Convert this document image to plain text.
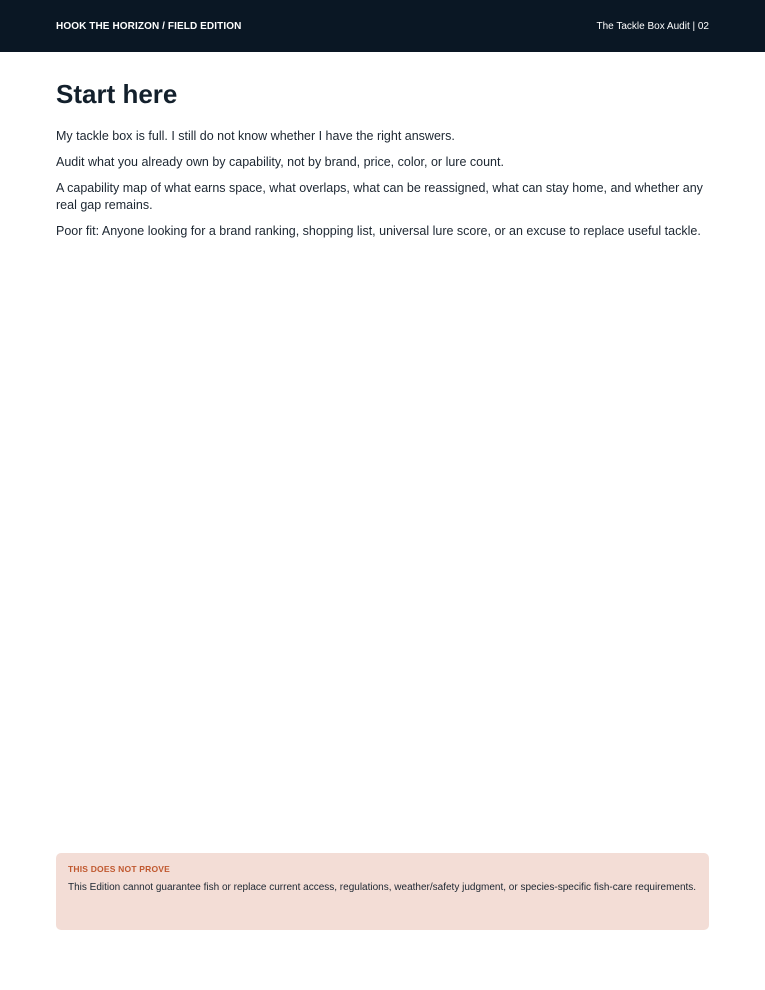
HOOK THE HORIZON / FIELD EDITION	The Tackle Box Audit | 02
Start here

My tackle box is full. I still do not know whether I have the right answers.

Audit what you already own by capability, not by brand, price, color, or lure count.

A capability map of what earns space, what overlaps, what can be reassigned, what can stay home, and whether any real gap remains.

Poor fit: Anyone looking for a brand ranking, shopping list, universal lure score, or an excuse to replace useful tackle.

THIS DOES NOT PROVE

This Edition cannot guarantee fish or replace current access, regulations, weather/safety judgment, or species-specific fish-care requirements.
